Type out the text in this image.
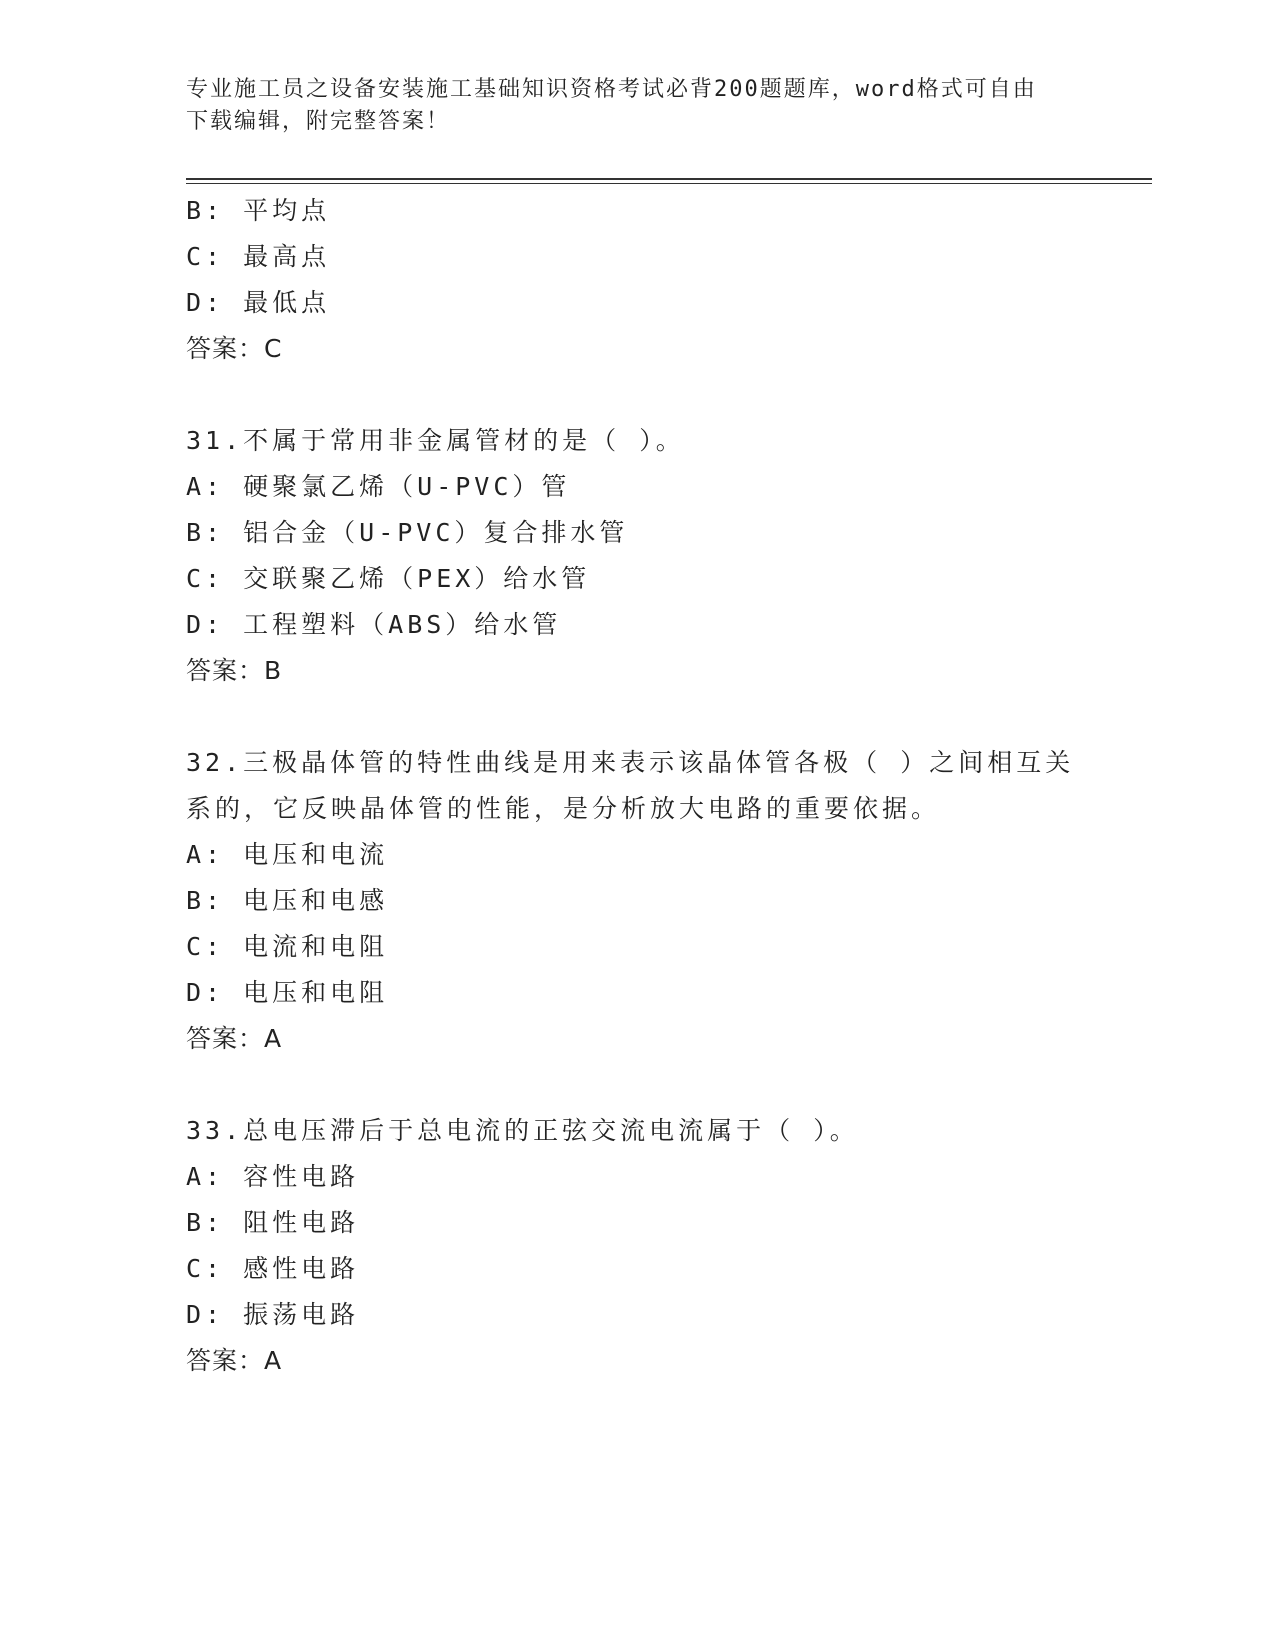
专业施工员之设备安装施工基础知识资格考试必背200题题库，word格式可自由
下载编辑，附完整答案！
B: 平均点
C: 最高点
D: 最低点
答案：C
31.不属于常用非金属管材的是（ ）。
A: 硬聚氯乙烯（U-PVC）管
B: 铝合金（U-PVC）复合排水管
C: 交联聚乙烯（PEX）给水管
D: 工程塑料（ABS）给水管
答案：B
32.三极晶体管的特性曲线是用来表示该晶体管各极（ ）之间相互关
系的，它反映晶体管的性能，是分析放大电路的重要依据。
A: 电压和电流
B: 电压和电感
C: 电流和电阻
D: 电压和电阻
答案：A
33.总电压滞后于总电流的正弦交流电流属于（ ）。
A: 容性电路
B: 阻性电路
C: 感性电路
D: 振荡电路
答案：A
